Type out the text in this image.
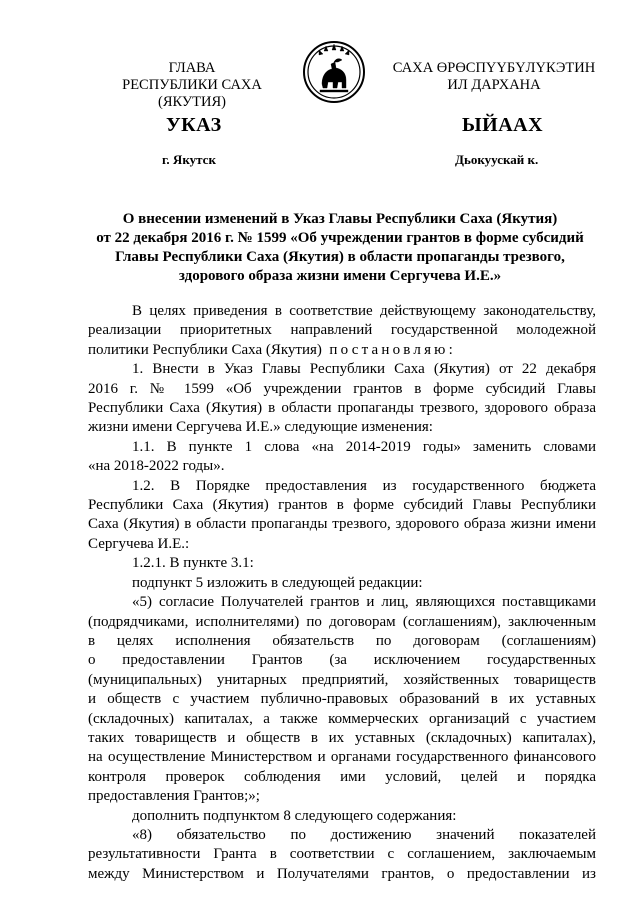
ГЛАВА
РЕСПУБЛИКИ САХА (ЯКУТИЯ)
САХА ӨРӨСПҮҮБҮЛҮКЭТИН
ИЛ ДАРХАНА
УКАЗ	ЫЙААХ
г. Якутск	Дьокуускай к.
О внесении изменений в Указ Главы Республики Саха (Якутия)
от 22 декабря 2016 г. № 1599 «Об учреждении грантов в форме субсидий
Главы Республики Саха (Якутия) в области пропаганды трезвого,
здорового образа жизни имени Сергучева И.Е.»

В целях приведения в соответствие действующему законодательству,

реализации приоритетных направлений государственной молодежной

политики Республики Саха (Якутия) постановляю:

1. Внести в Указ Главы Республики Саха (Якутия) от 22 декабря

2016 г. № 1599 «Об учреждении грантов в форме субсидий Главы

Республики Саха (Якутия) в области пропаганды трезвого, здорового образа

жизни имени Сергучева И.Е.» следующие изменения:

1.1. В пункте 1 слова «на 2014-2019 годы» заменить словами

«на 2018-2022 годы».

1.2. В Порядке предоставления из государственного бюджета

Республики Саха (Якутия) грантов в форме субсидий Главы Республики

Саха (Якутия) в области пропаганды трезвого, здорового образа жизни имени

Сергучева И.Е.:

1.2.1. В пункте 3.1:

подпункт 5 изложить в следующей редакции:

«5) согласие Получателей грантов и лиц, являющихся поставщиками

(подрядчиками, исполнителями) по договорам (соглашениям), заключенным

в целях исполнения обязательств по договорам (соглашениям)

о предоставлении Грантов (за исключением государственных

(муниципальных) унитарных предприятий, хозяйственных товариществ

и обществ с участием публично-правовых образований в их уставных

(складочных) капиталах, а также коммерческих организаций с участием

таких товариществ и обществ в их уставных (складочных) капиталах),

на осуществление Министерством и органами государственного финансового

контроля проверок соблюдения ими условий, целей и порядка

предоставления Грантов;»;

дополнить подпунктом 8 следующего содержания:

«8) обязательство по достижению значений показателей

результативности Гранта в соответствии с соглашением, заключаемым

между Министерством и Получателями грантов, о предоставлении из
